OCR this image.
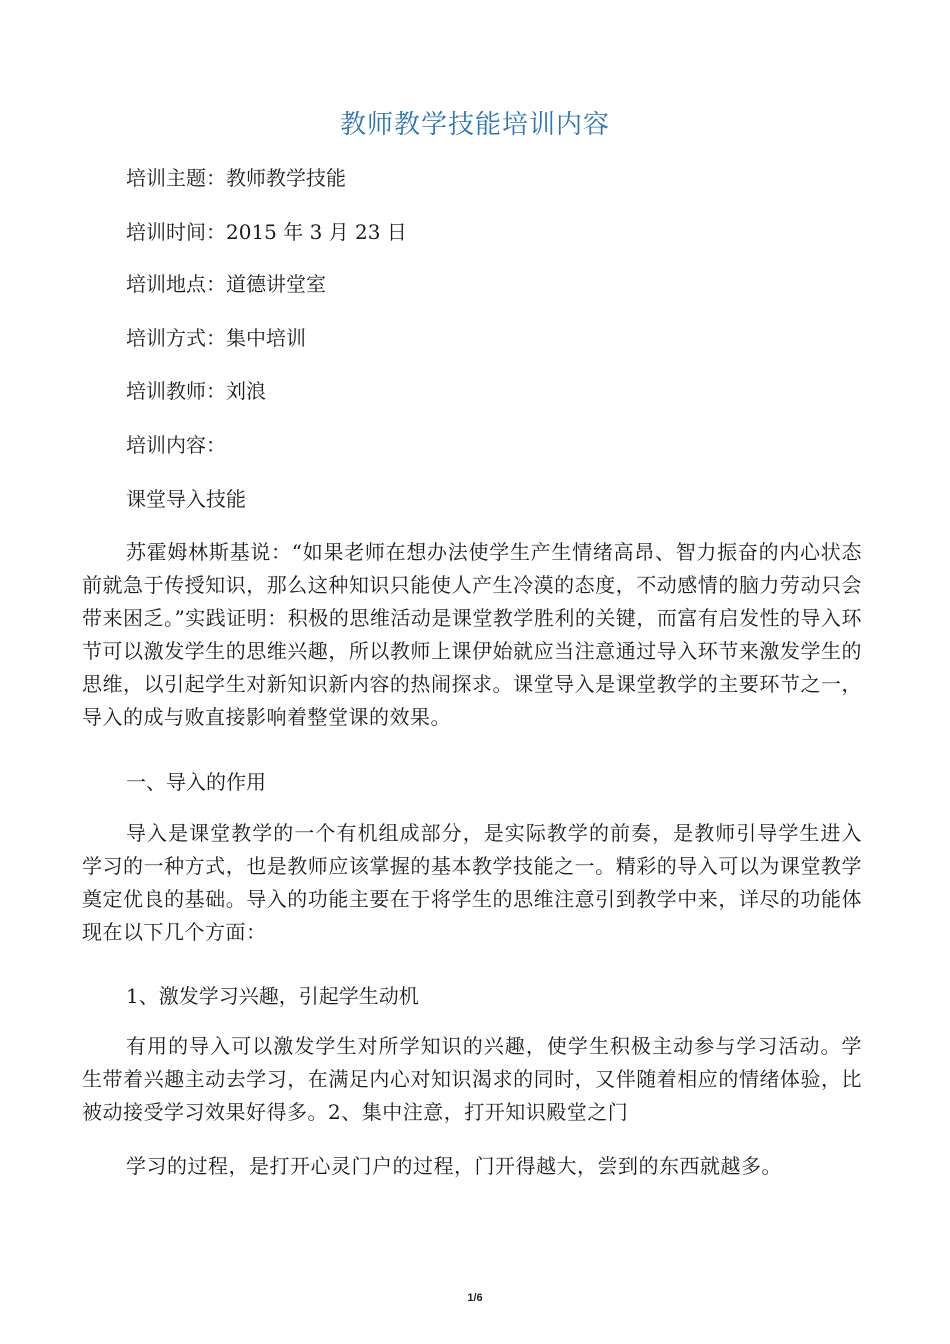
教师教学技能培训内容
培训主题：教师教学技能
培训时间：2015 年 3 月 23 日
培训地点：道德讲堂室
培训方式：集中培训
培训教师：刘浪
培训内容：
课堂导入技能
苏霍姆林斯基说：“如果老师在想办法使学生产生情绪高昂、智力振奋的内心状态前就急于传授知识，那么这种知识只能使人产生冷漠的态度，不动感情的脑力劳动只会带来困乏。”实践证明：积极的思维活动是课堂教学胜利的关键，而富有启发性的导入环节可以激发学生的思维兴趣，所以教师上课伊始就应当注意通过导入环节来激发学生的思维，以引起学生对新知识新内容的热闹探求。课堂导入是课堂教学的主要环节之一，导入的成与败直接影响着整堂课的效果。
一、导入的作用
导入是课堂教学的一个有机组成部分，是实际教学的前奏，是教师引导学生进入学习的一种方式，也是教师应该掌握的基本教学技能之一。精彩的导入可以为课堂教学奠定优良的基础。导入的功能主要在于将学生的思维注意引到教学中来，详尽的功能体现在以下几个方面：
1、激发学习兴趣，引起学生动机
有用的导入可以激发学生对所学知识的兴趣，使学生积极主动参与学习活动。学生带着兴趣主动去学习，在满足内心对知识渴求的同时，又伴随着相应的情绪体验，比被动接受学习效果好得多。2、集中注意，打开知识殿堂之门
学习的过程，是打开心灵门户的过程，门开得越大，尝到的东西就越多。
1/6
